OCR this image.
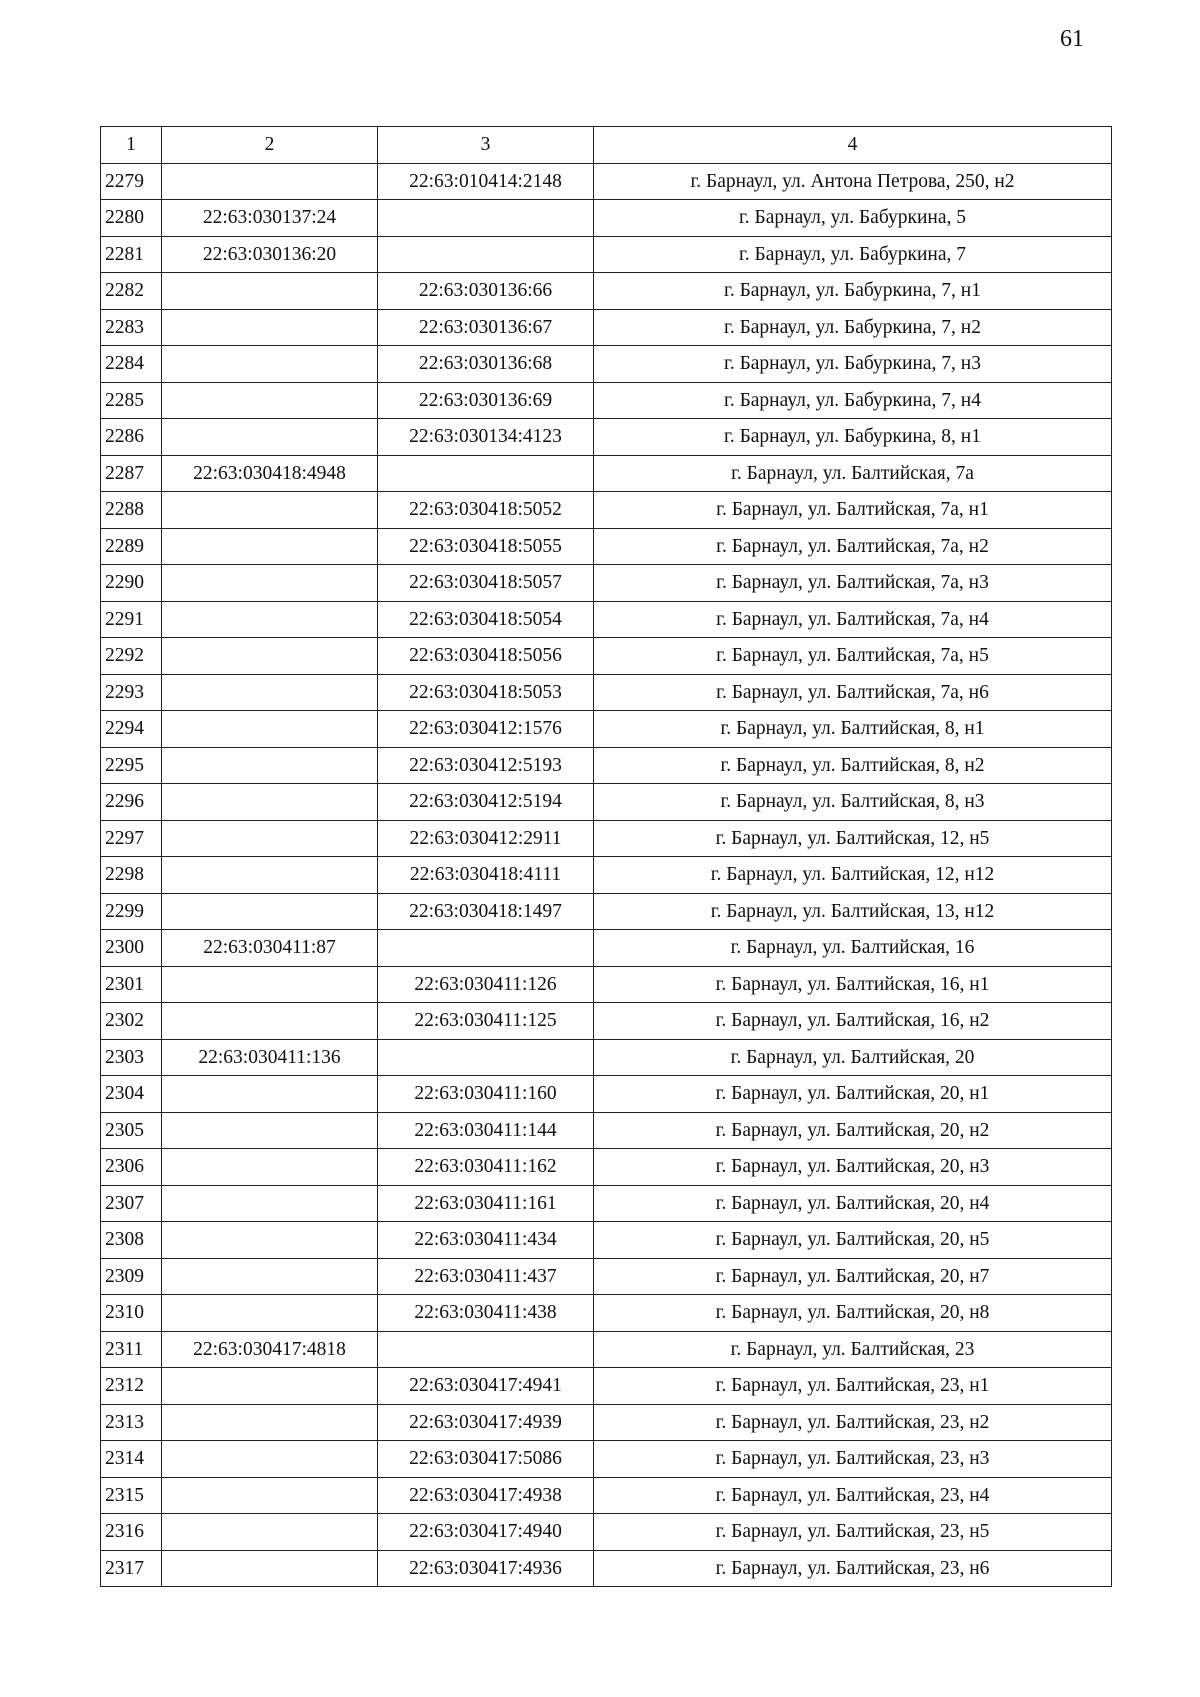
61
1	2	3	4
2279		22:63:010414:2148	г. Барнаул, ул. Антона Петрова, 250, н2
2280	22:63:030137:24		г. Барнаул, ул. Бабуркина, 5
2281	22:63:030136:20		г. Барнаул, ул. Бабуркина, 7
2282		22:63:030136:66	г. Барнаул, ул. Бабуркина, 7, н1
2283		22:63:030136:67	г. Барнаул, ул. Бабуркина, 7, н2
2284		22:63:030136:68	г. Барнаул, ул. Бабуркина, 7, н3
2285		22:63:030136:69	г. Барнаул, ул. Бабуркина, 7, н4
2286		22:63:030134:4123	г. Барнаул, ул. Бабуркина, 8, н1
2287	22:63:030418:4948		г. Барнаул, ул. Балтийская, 7а
2288		22:63:030418:5052	г. Барнаул, ул. Балтийская, 7а, н1
2289		22:63:030418:5055	г. Барнаул, ул. Балтийская, 7а, н2
2290		22:63:030418:5057	г. Барнаул, ул. Балтийская, 7а, н3
2291		22:63:030418:5054	г. Барнаул, ул. Балтийская, 7а, н4
2292		22:63:030418:5056	г. Барнаул, ул. Балтийская, 7а, н5
2293		22:63:030418:5053	г. Барнаул, ул. Балтийская, 7а, н6
2294		22:63:030412:1576	г. Барнаул, ул. Балтийская, 8, н1
2295		22:63:030412:5193	г. Барнаул, ул. Балтийская, 8, н2
2296		22:63:030412:5194	г. Барнаул, ул. Балтийская, 8, н3
2297		22:63:030412:2911	г. Барнаул, ул. Балтийская, 12, н5
2298		22:63:030418:4111	г. Барнаул, ул. Балтийская, 12, н12
2299		22:63:030418:1497	г. Барнаул, ул. Балтийская, 13, н12
2300	22:63:030411:87		г. Барнаул, ул. Балтийская, 16
2301		22:63:030411:126	г. Барнаул, ул. Балтийская, 16, н1
2302		22:63:030411:125	г. Барнаул, ул. Балтийская, 16, н2
2303	22:63:030411:136		г. Барнаул, ул. Балтийская, 20
2304		22:63:030411:160	г. Барнаул, ул. Балтийская, 20, н1
2305		22:63:030411:144	г. Барнаул, ул. Балтийская, 20, н2
2306		22:63:030411:162	г. Барнаул, ул. Балтийская, 20, н3
2307		22:63:030411:161	г. Барнаул, ул. Балтийская, 20, н4
2308		22:63:030411:434	г. Барнаул, ул. Балтийская, 20, н5
2309		22:63:030411:437	г. Барнаул, ул. Балтийская, 20, н7
2310		22:63:030411:438	г. Барнаул, ул. Балтийская, 20, н8
2311	22:63:030417:4818		г. Барнаул, ул. Балтийская, 23
2312		22:63:030417:4941	г. Барнаул, ул. Балтийская, 23, н1
2313		22:63:030417:4939	г. Барнаул, ул. Балтийская, 23, н2
2314		22:63:030417:5086	г. Барнаул, ул. Балтийская, 23, н3
2315		22:63:030417:4938	г. Барнаул, ул. Балтийская, 23, н4
2316		22:63:030417:4940	г. Барнаул, ул. Балтийская, 23, н5
2317		22:63:030417:4936	г. Барнаул, ул. Балтийская, 23, н6
